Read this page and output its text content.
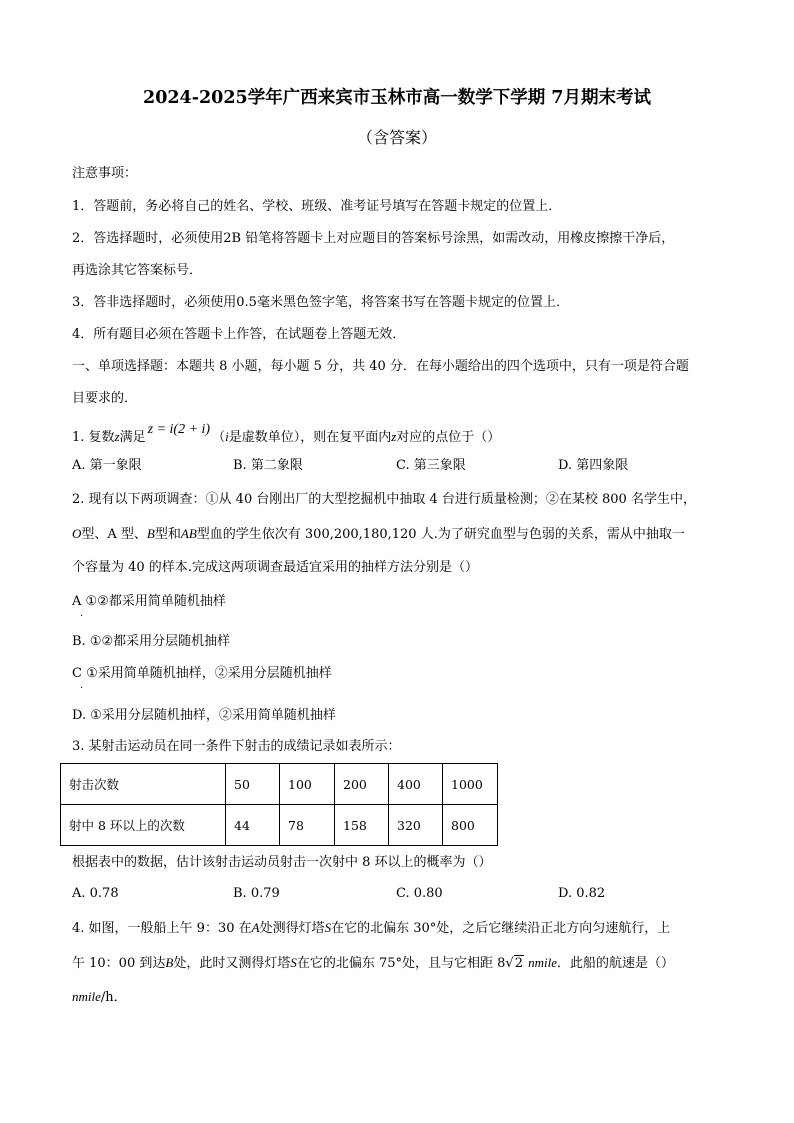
2024-2025学年广西来宾市玉林市高一数学下学期 7月期末考试
（含答案）
注意事项：
1．答题前，务必将自己的姓名、学校、班级、准考证号填写在答题卡规定的位置上．
2．答选择题时，必须使用2B 铅笔将答题卡上对应题目的答案标号涂黑，如需改动，用橡皮擦擦干净后，
再选涂其它答案标号．
3．答非选择题时，必须使用0.5毫米黑色签字笔，将答案书写在答题卡规定的位置上．
4．所有题目必须在答题卡上作答，在试题卷上答题无效．
一、单项选择题：本题共 8 小题，每小题 5 分，共 40 分．在每小题给出的四个选项中，只有一项是符合题
目要求的．
1. 复数z满足z = i(2 + i)（i是虚数单位），则在复平面内z对应的点位于（）
A. 第一象限	B. 第二象限	C. 第三象限	D. 第四象限
2. 现有以下两项调查：①从 40 台刚出厂的大型挖掘机中抽取 4 台进行质量检测；②在某校 800 名学生中，
O型、A 型、B型和AB型血的学生依次有 300,200,180,120 人.为了研究血型与色弱的关系，需从中抽取一
个容量为 40 的样本.完成这两项调查最适宜采用的抽样方法分别是（）
A ①②都采用简单随机抽样
·
B. ①②都采用分层随机抽样
C ①采用简单随机抽样，②采用分层随机抽样
·
D. ①采用分层随机抽样，②采用简单随机抽样
3. 某射击运动员在同一条件下射击的成绩记录如表所示：
射击次数	50	100	200	400	1000
射中 8 环以上的次数	44	78	158	320	800
根据表中的数据，估计该射击运动员射击一次射中 8 环以上的概率为（）
A. 0.78	B. 0.79	C. 0.80	D. 0.82
4. 如图，一般船上午 9：30 在A处测得灯塔S在它的北偏东 30°处，之后它继续沿正北方向匀速航行，上
午 10：00 到达B处，此时又测得灯塔S在它的北偏东 75°处，且与它相距 8√2 nmile．此船的航速是（）
nmile/h．
